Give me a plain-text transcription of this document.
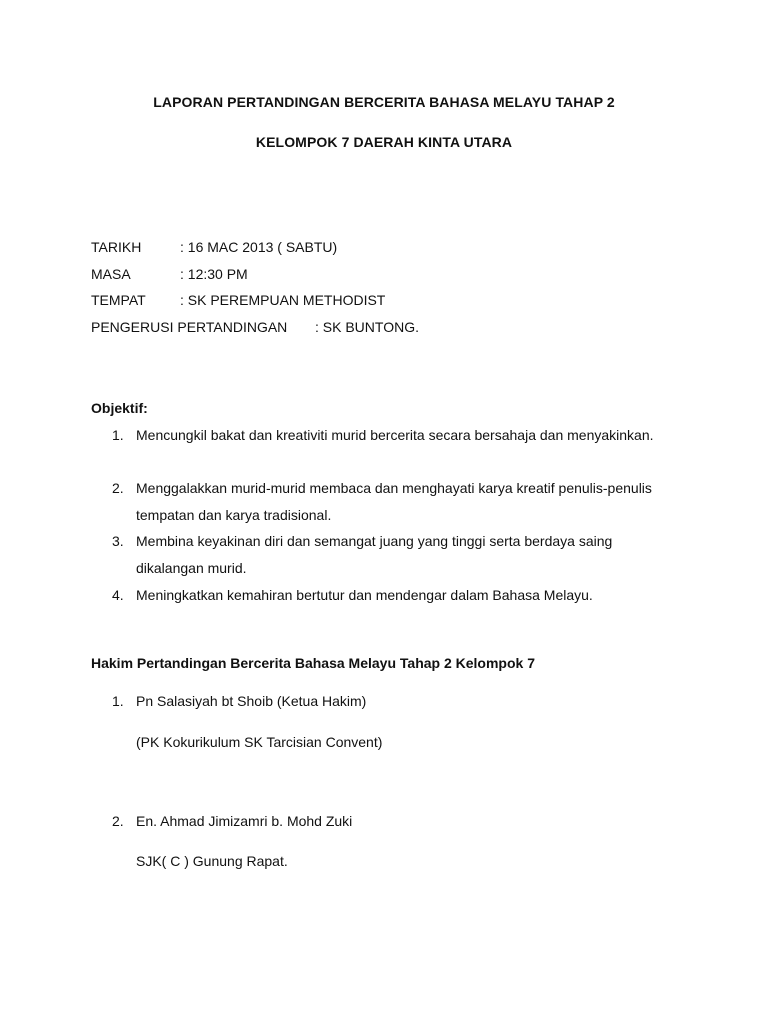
LAPORAN PERTANDINGAN BERCERITA BAHASA MELAYU TAHAP 2
KELOMPOK 7 DAERAH KINTA UTARA
TARIKH	: 16 MAC 2013 ( SABTU)
MASA	: 12:30 PM
TEMPAT : SK PEREMPUAN METHODIST
PENGERUSI PERTANDINGAN : SK BUNTONG.
Objektif:
1. Mencungkil bakat dan kreativiti murid bercerita secara bersahaja dan menyakinkan.
2. Menggalakkan murid-murid membaca dan menghayati karya kreatif penulis-penulis tempatan dan karya tradisional.
3. Membina keyakinan diri dan semangat juang yang tinggi serta berdaya saing dikalangan murid.
4. Meningkatkan kemahiran bertutur dan mendengar dalam Bahasa Melayu.
Hakim Pertandingan Bercerita Bahasa Melayu Tahap 2 Kelompok 7
1. Pn Salasiyah bt Shoib (Ketua Hakim)
(PK Kokurikulum SK Tarcisian Convent)
2. En. Ahmad Jimizamri b. Mohd Zuki
SJK( C ) Gunung Rapat.
